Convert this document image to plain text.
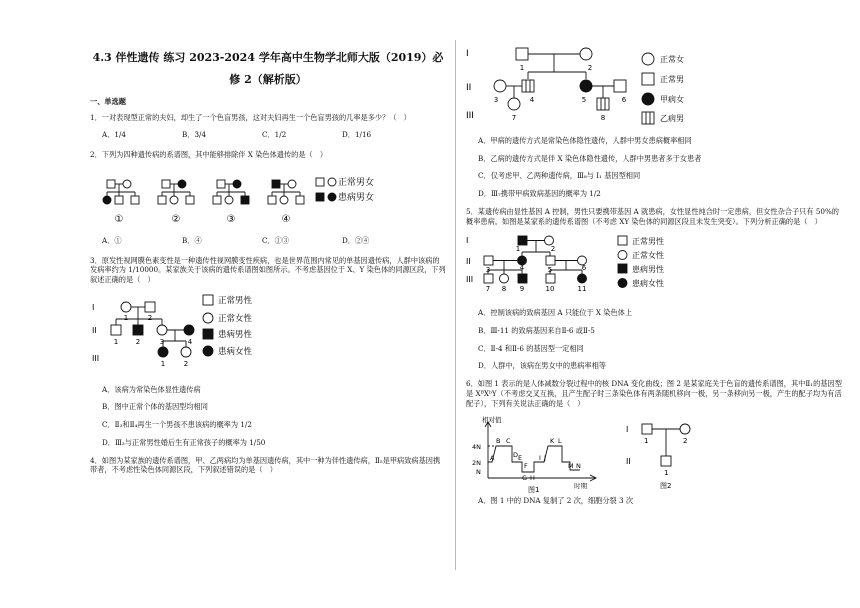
4.3 伴性遗传 练习 2023-2024 学年高中生物学北师大版（2019）必修 2（解析版）
一、单选题
1．一对表现型正常的夫妇，却生了一个色盲男孩，这对夫妇再生一个色盲男孩的几率是多少？（　）
A．1/4	B．3/4	C．1/2	D．1/16
2．下列为四种遗传病的系谱图，其中能够排除伴 X 染色体遗传的是（　）
正常男女
患病男女
①	②	③	④
A．①	B．④	C．①③	D．②④
3．原发性视网膜色素变性是一种遗传性视网膜变性疾病，也是世界范围内常见的单基因遗传病，人群中该病的发病率约为 1/10000。某家族关于该病的遗传系谱图如图所示。不考虑基因位于 X、Y 染色体的同源区段，下列叙述正确的是（　）
I
II
III
1	2
1	2	3	4
1	2
正常男性
正常女性
患病男性
患病女性
A．该病为常染色体显性遗传病
B．图中正常个体的基因型均相同
C．Ⅱ₃和Ⅱ₄再生一个男孩不患该病的概率为 1/2
D．Ⅲ₂与正常男性婚后生有正常孩子的概率为 1/50
4．如图为某家族的遗传系谱图，甲、乙两病均为单基因遗传病，其中一种为伴性遗传病，Ⅱ₅是甲病致病基因携带者，不考虑性染色体同源区段，下列叙述错误的是（　）
I
II
III
1	2
3	4	5	6
7	8
正常女
正常男
甲病女
乙病男
A．甲病的遗传方式是常染色体隐性遗传，人群中男女患病概率相同
B．乙病的遗传方式是伴 X 染色体隐性遗传，人群中男患者多于女患者
C．仅考虑甲、乙两种遗传病，Ⅲ₈与 I₁ 基因型相同
D．Ⅲ₇携带甲病致病基因的概率为 1/2
5．某遗传病由显性基因 A 控制，男性只要携带基因 A 就患病，女性显性纯合时一定患病，但女性杂合子只有 50%的概率患病。如图是某家系的遗传系谱图（不考虑 XY 染色体的同源区段且未发生突变）。下列分析正确的是（　）
I
II
III
1	2
3	4	5	6
7 8 9	10	11
正常男性
正常女性
患病男性
患病女性
A．控制该病的致病基因 A 只能位于 X 染色体上
B．Ⅲ-11 的致病基因来自Ⅱ-6 或Ⅱ-5
C．Ⅱ-4 和Ⅱ-6 的基因型一定相同
D．人群中，该病在男女中的患病率相等
6．如图 1 表示的是人体减数分裂过程中的核 DNA 变化曲线；图 2 是某家庭关于色盲的遗传系谱图，其中Ⅱ₁的基因型是 XᴮXᵇY（不考虑交叉互换，且产生配子时三条染色体有两条随机移向一极，另一条移向另一极，产生的配子均为有活配子），下列有关说法正确的是（　）
相对值
4N
2N
N
时期
A
B C
D E
F
G H
I J
K L
M N
图1
I
II
1	2
1
图2
A．图 1 中的 DNA 复制了 2 次，细胞分裂 3 次
